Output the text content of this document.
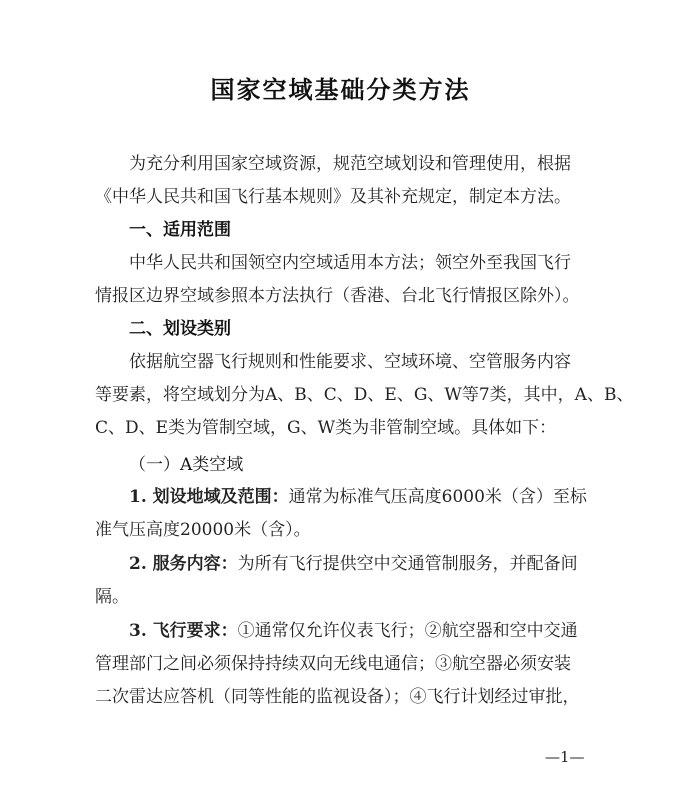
国家空域基础分类方法
为充分利用国家空域资源，规范空域划设和管理使用，根据
《中华人民共和国飞行基本规则》及其补充规定，制定本方法。
一、适用范围
中华人民共和国领空内空域适用本方法；领空外至我国飞行
情报区边界空域参照本方法执行（香港、台北飞行情报区除外）。
二、划设类别
依据航空器飞行规则和性能要求、空域环境、空管服务内容
等要素，将空域划分为A、B、C、D、E、G、W等7类，其中，A、B、
C、D、E类为管制空域，G、W类为非管制空域。具体如下：
（一）A类空域
1. 划设地域及范围：通常为标准气压高度6000米（含）至标
准气压高度20000米（含）。
2. 服务内容：为所有飞行提供空中交通管制服务，并配备间
隔。
3. 飞行要求：①通常仅允许仪表飞行；②航空器和空中交通
管理部门之间必须保持持续双向无线电通信；③航空器必须安装
二次雷达应答机（同等性能的监视设备）；④飞行计划经过审批，
—1—
